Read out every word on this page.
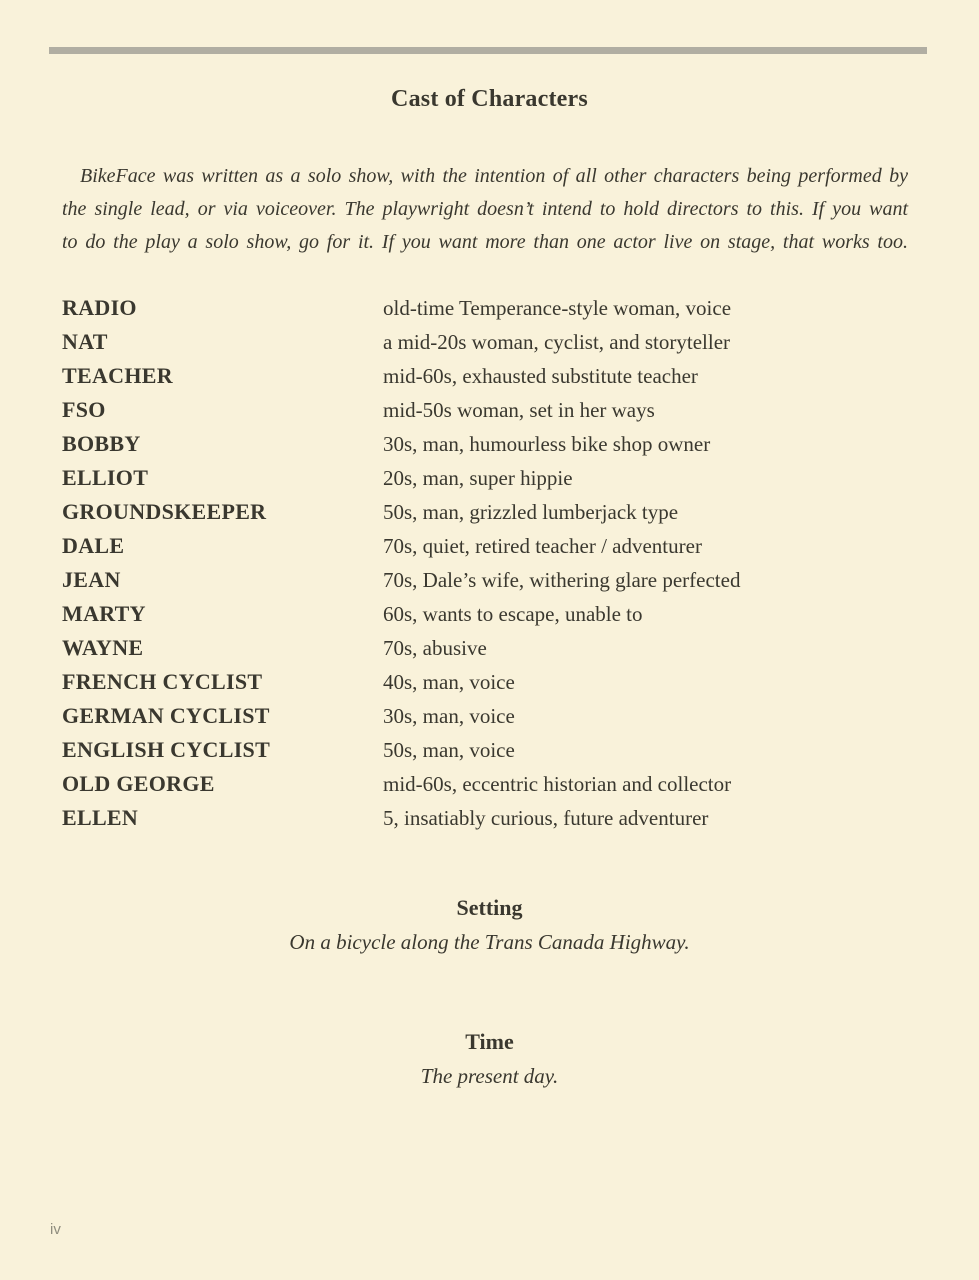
Cast of Characters
BikeFace was written as a solo show, with the intention of all other characters being performed by
the single lead, or via voiceover. The playwright doesn’t intend to hold directors to this. If you want
to do the play a solo show, go for it. If you want more than one actor live on stage, that works too.
RADIO	old-time Temperance-style woman, voice
NAT	a mid-20s woman, cyclist, and storyteller
TEACHER	mid-60s, exhausted substitute teacher
FSO	mid-50s woman, set in her ways
BOBBY	30s, man, humourless bike shop owner
ELLIOT	20s, man, super hippie
GROUNDSKEEPER	50s, man, grizzled lumberjack type
DALE	70s, quiet, retired teacher / adventurer
JEAN	70s, Dale’s wife, withering glare perfected
MARTY	60s, wants to escape, unable to
WAYNE	70s, abusive
FRENCH CYCLIST	40s, man, voice
GERMAN CYCLIST	30s, man, voice
ENGLISH CYCLIST	50s, man, voice
OLD GEORGE	mid-60s, eccentric historian and collector
ELLEN	5, insatiably curious, future adventurer
Setting
On a bicycle along the Trans Canada Highway.
Time
The present day.
iv
